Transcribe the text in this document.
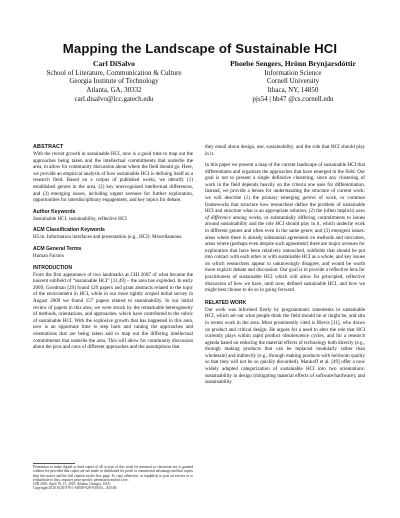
Mapping the Landscape of Sustainable HCI
Carl DiSalvo
School of Literature, Communication & Culture
Georgia Institute of Technology
Atlanta, GA, 30332
carl.disalvo@lcc.gatech.edu
Phoebe Sengers, Hrönn Brynjarsdóttir
Information Science
Cornell University
Ithaca, NY, 14850
pjs54 | hb47 @cs.cornell.edu
ABSTRACT

With the recent growth in sustainable HCI, now is a good time to map out the approaches being taken and the intellectual commitments that underlie the area, to allow for community discussion about where the field should go. Here, we provide an empirical analysis of how sustainable HCI is defining itself as a research field. Based on a corpus of published works, we identify (1) established genres in the area, (2) key unrecognized intellectual differences, and (3) emerging issues, including urgent avenues for further exploration, opportunities for interdisciplinary engagement, and key topics for debate.

Author Keywords

Sustainable HCI, sustainability, reflective HCI

ACM Classification Keywords

H5.m. Information interfaces and presentation (e.g., HCI): Miscellaneous.

ACM General Terms

Human Factors

INTRODUCTION

From the first appearance of two landmarks at CHI 2007 of what became the nascent subfield of “sustainable HCI” [11,49] – the area has exploded. In early 2009, Goodman [29] found 120 papers and grant abstracts related to the topic of the environment in HCI, while in our more tightly scoped initial survey in August 2009 we found 157 papers related to sustainability. In our initial review of papers in this area, we were struck by the remarkable heterogeneity of methods, orientations, and approaches, which have contributed to the rubric of sustainable HCI. With the explosive growth that has happened in this area, now is an opportune time to step back and catalog the approaches and orientations that are being taken and to map out the differing intellectual commitments that underlie the area. This will allow for community discussion about the pros and cons of different approaches and the assumptions that

Permission to make digital or hard copies of all or part of this work for personal or classroom use is granted without fee provided that copies are not made or distributed for profit or commercial advantage and that copies bear this notice and the full citation on the first page. To copy otherwise, or republish, to post on servers or to redistribute to lists, requires prior specific permission and/or a fee.
CHI 2010, April 10–15, 2010, Atlanta, Georgia, USA.
Copyright 2010 ACM 978-1-60558-929-9/10/04....$10.00.

they entail about design, use, sustainability, and the role that HCI should play in it.

In this paper we present a map of the current landscape of sustainable HCI that differentiates and organizes the approaches that have emerged in the field. Our goal is not to present a single definitive clustering, since any clustering of work in the field depends heavily on the criteria one uses for differentiation. Instead, we provide a lenses for understanding the structure of current work: we will describe (1) the primary emerging genres of work, or common frameworks that structure how researchers define the problem of sustainable HCI and structure what is an appropriate solution; (2) the (often implicit) axes of difference among works, or substantially differing commitments to issues around sustainability and the role HCI should play in it, which underlie work in different genres and often even in the same genre; and (3) emergent issues: areas where there is already substantial agreement on methods and outcomes, areas where (perhaps even despite such agreement) there are major avenues for exploration that have been relatively untouched, subfields that should be put into contact with each other or with sustainable HCI as a whole, and key issues on which researchers appear to unknowingly disagree, and would be worth more explicit debate and discussion. Our goal is to provide a reflective lens for practitioners of sustainable HCI which will allow for principled, reflective discussion of how we have, until now, defined sustainable HCI, and how we might best choose to do so in going forward.

RELATED WORK

Our work was informed firstly by programmatic statements in sustainable HCI, which set out what people think the field should be or might be, and situ in recent work in the area. Most prominently cited is Blevis [11], who draws on product and critical design. He argues for a need to alter the role that HCI currently plays within rapid product obsolescence cycles, and for a research agenda based on reducing the material effects of technology both directly (e.g., through making products that can be replaced modularly rather than wholesale) and indirectly (e.g., through making products with heirloom quality so that they will not be so quickly discarded). Mankoff et al. [49] offer a now widely adopted categorization of sustainable HCI into two orientations: sustainability in design (mitigating material effects of software/hardware); and sustainability
